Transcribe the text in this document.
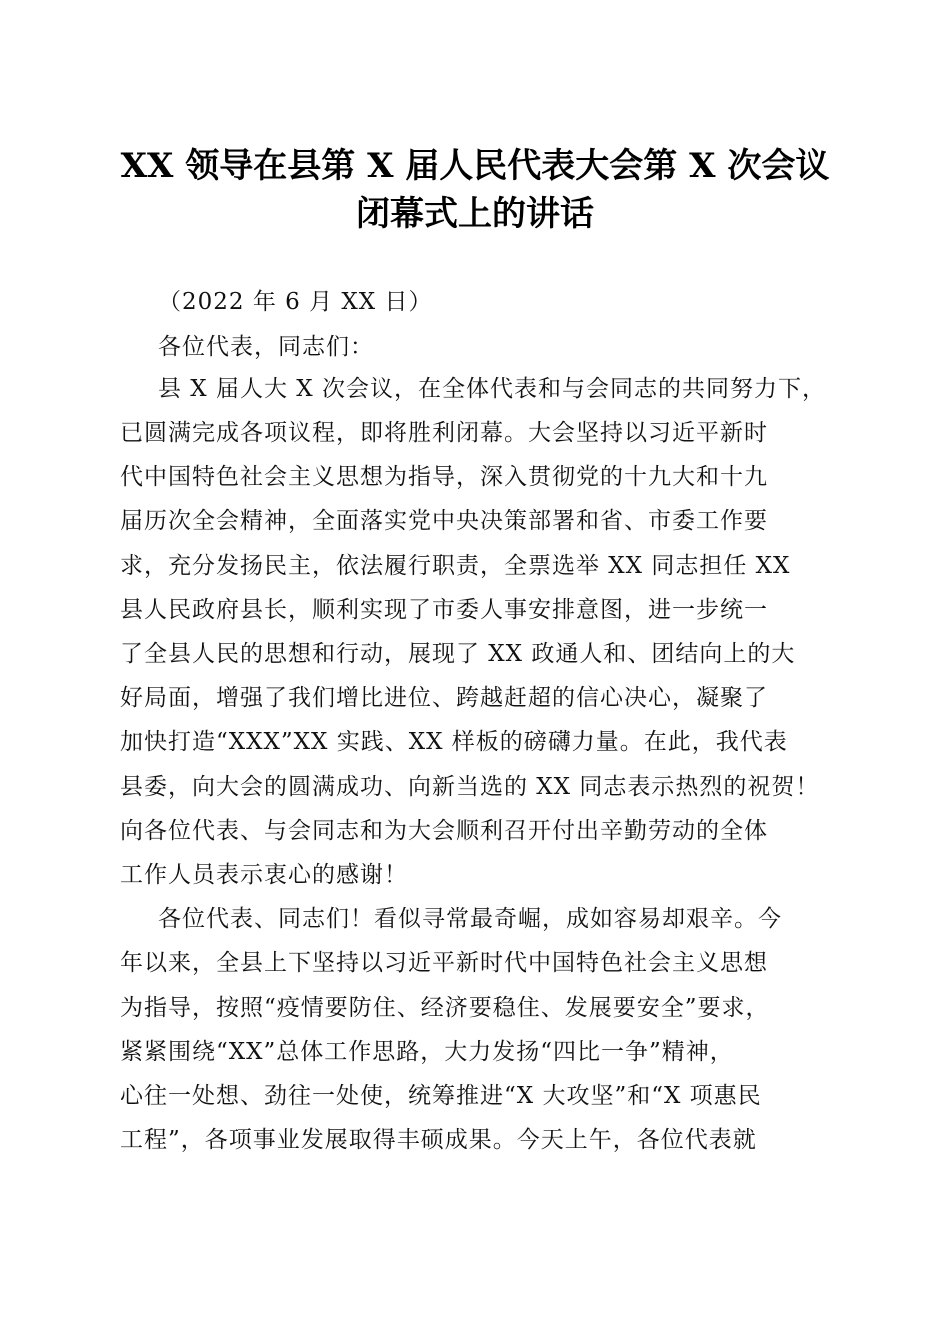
XX 领导在县第 X 届人民代表大会第 X 次会议
闭幕式上的讲话

（2022 年 6 月 XX 日）

各位代表，同志们：

县 X 届人大 X 次会议，在全体代表和与会同志的共同努力下，

已圆满完成各项议程，即将胜利闭幕。大会坚持以习近平新时

代中国特色社会主义思想为指导，深入贯彻党的十九大和十九

届历次全会精神，全面落实党中央决策部署和省、市委工作要

求，充分发扬民主，依法履行职责，全票选举 XX 同志担任 XX

县人民政府县长，顺利实现了市委人事安排意图，进一步统一

了全县人民的思想和行动，展现了 XX 政通人和、团结向上的大

好局面，增强了我们增比进位、跨越赶超的信心决心，凝聚了

加快打造“XXX”XX 实践、XX 样板的磅礴力量。在此，我代表

县委，向大会的圆满成功、向新当选的 XX 同志表示热烈的祝贺！

向各位代表、与会同志和为大会顺利召开付出辛勤劳动的全体

工作人员表示衷心的感谢！

各位代表、同志们！看似寻常最奇崛，成如容易却艰辛。今

年以来，全县上下坚持以习近平新时代中国特色社会主义思想

为指导，按照“疫情要防住、经济要稳住、发展要安全”要求，

紧紧围绕“XX”总体工作思路，大力发扬“四比一争”精神，

心往一处想、劲往一处使，统筹推进“X 大攻坚”和“X 项惠民

工程”，各项事业发展取得丰硕成果。今天上午，各位代表就
